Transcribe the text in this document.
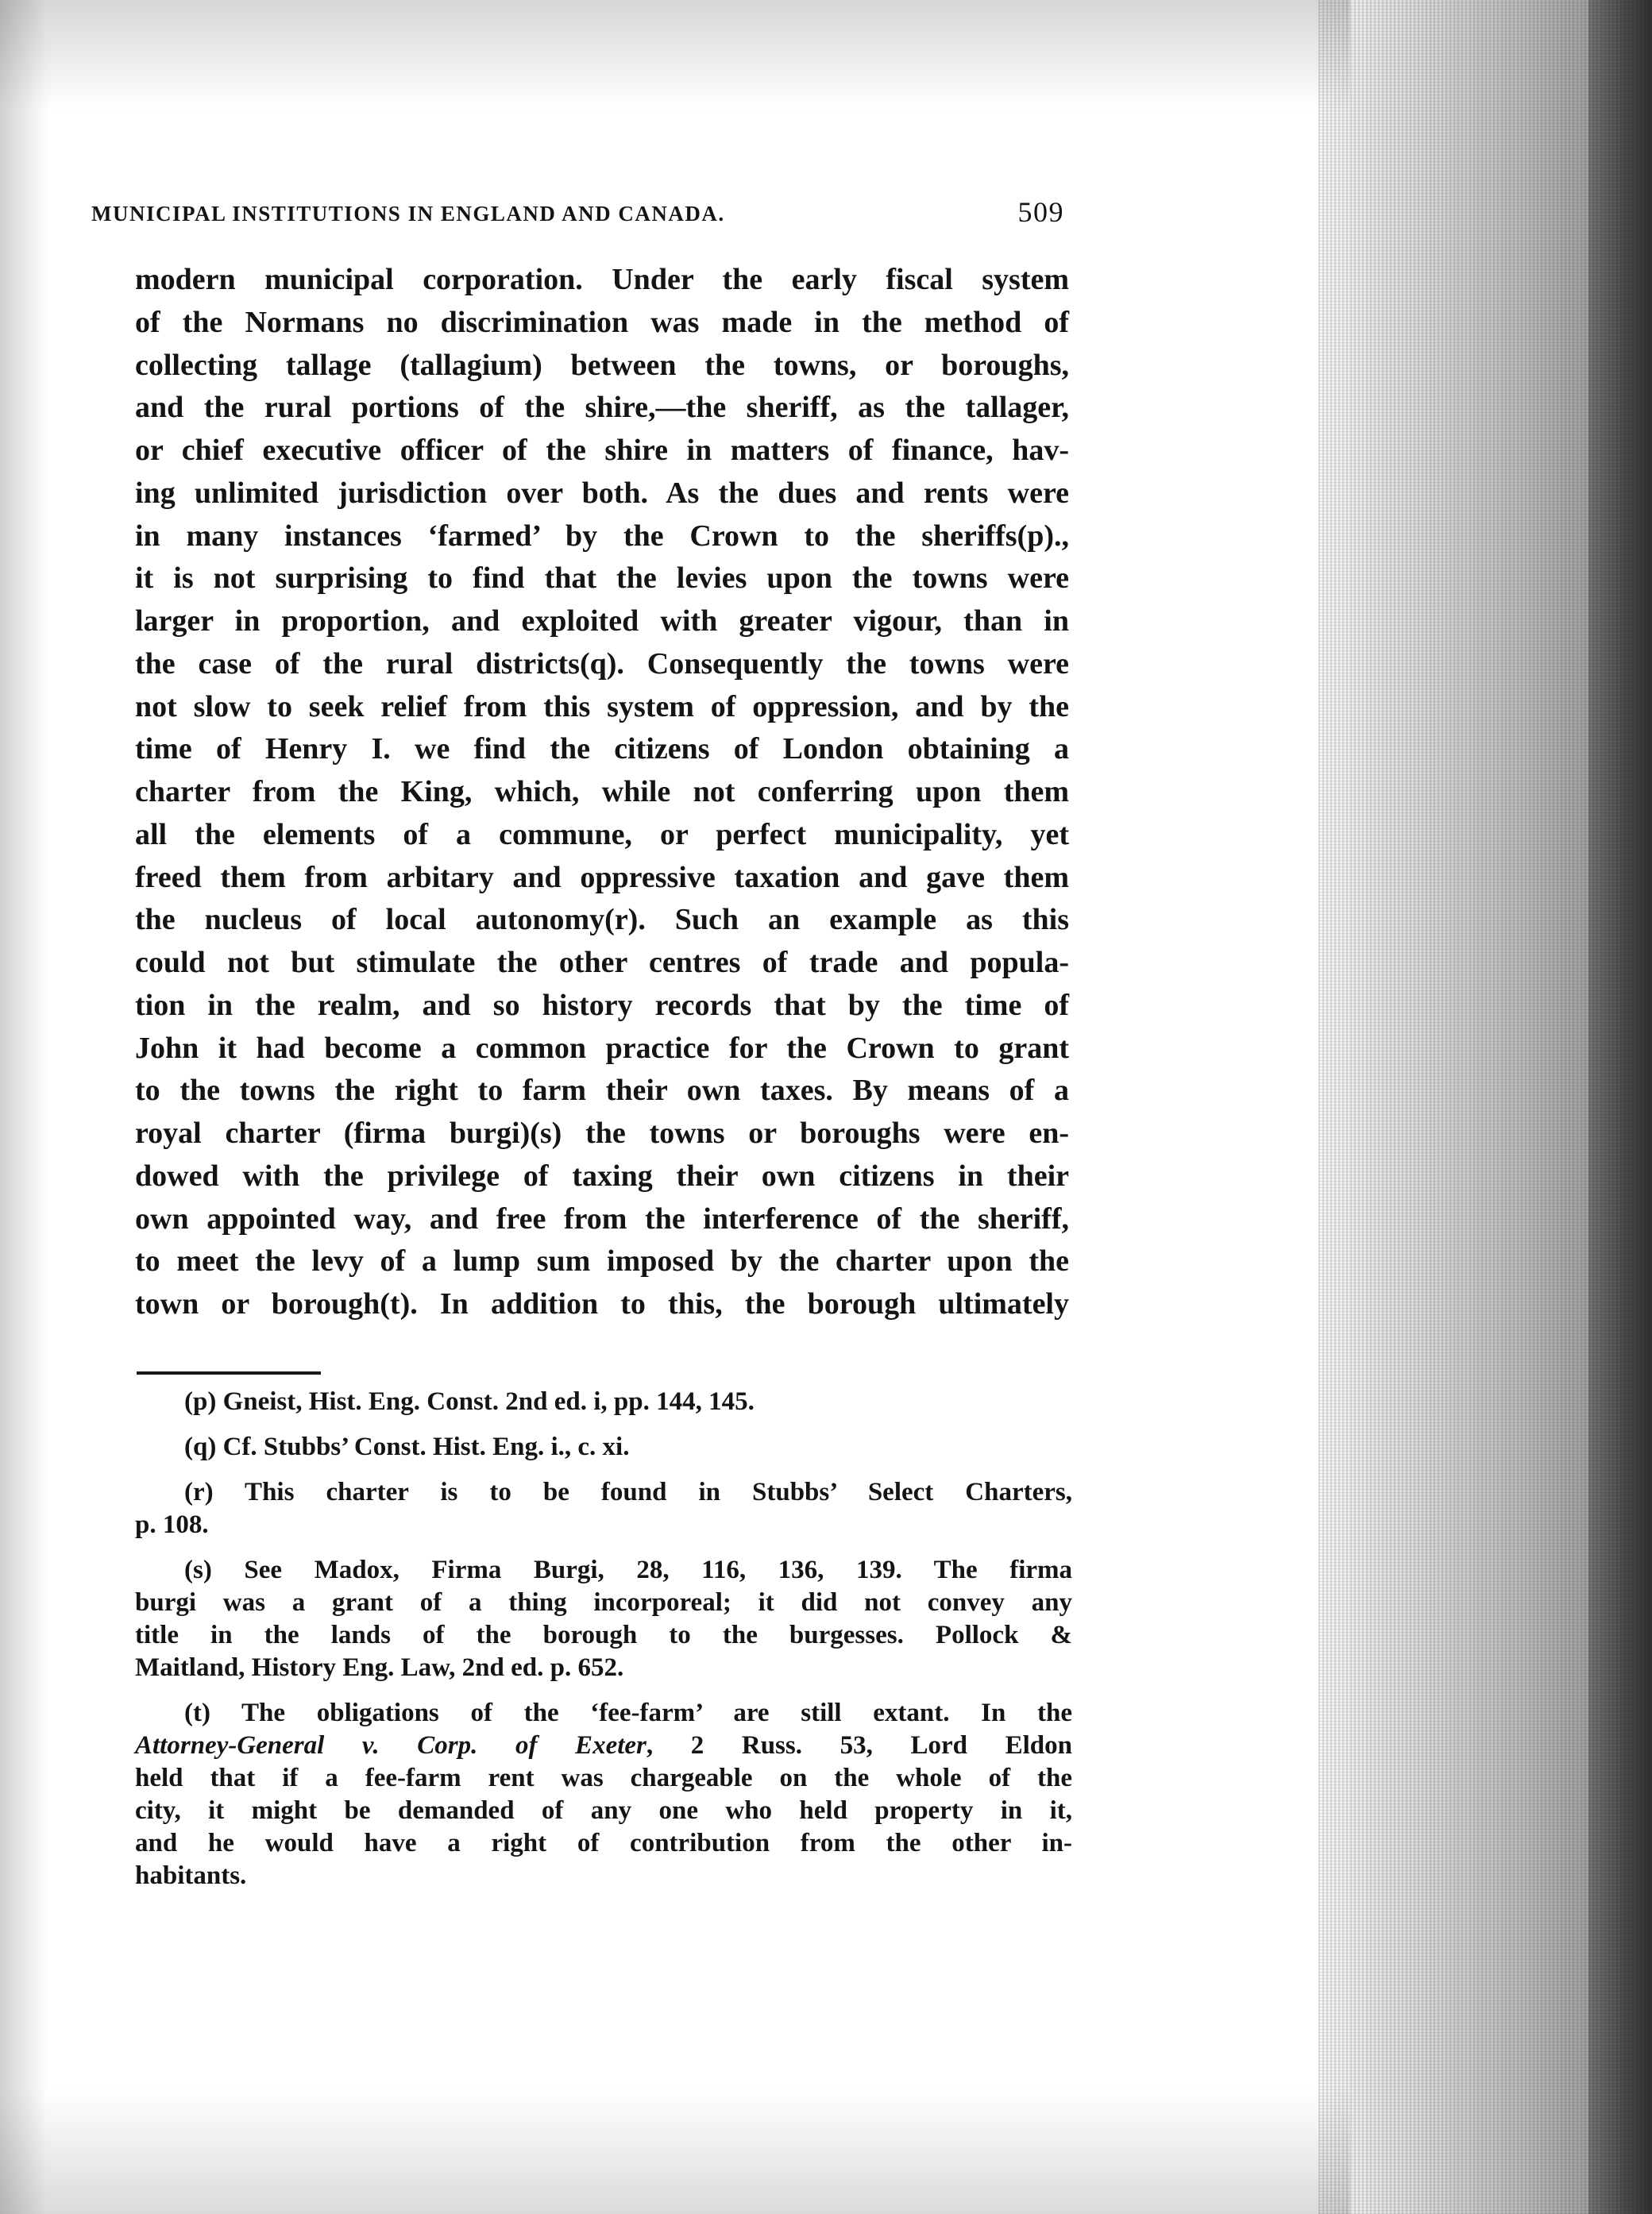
MUNICIPAL INSTITUTIONS IN ENGLAND AND CANADA.	509
modern municipal corporation. Under the early fiscal system
of the Normans no discrimination was made in the method of
collecting tallage (tallagium) between the towns, or boroughs,
and the rural portions of the shire,—the sheriff, as the tallager,
or chief executive officer of the shire in matters of finance, hav-
ing unlimited jurisdiction over both. As the dues and rents were
in many instances ‘farmed’ by the Crown to the sheriffs(p).,
it is not surprising to find that the levies upon the towns were
larger in proportion, and exploited with greater vigour, than in
the case of the rural districts(q). Consequently the towns were
not slow to seek relief from this system of oppression, and by the
time of Henry I. we find the citizens of London obtaining a
charter from the King, which, while not conferring upon them
all the elements of a commune, or perfect municipality, yet
freed them from arbitary and oppressive taxation and gave them
the nucleus of local autonomy(r). Such an example as this
could not but stimulate the other centres of trade and popula-
tion in the realm, and so history records that by the time of
John it had become a common practice for the Crown to grant
to the towns the right to farm their own taxes. By means of a
royal charter (firma burgi)(s) the towns or boroughs were en-
dowed with the privilege of taxing their own citizens in their
own appointed way, and free from the interference of the sheriff,
to meet the levy of a lump sum imposed by the charter upon the
town or borough(t). In addition to this, the borough ultimately
(p) Gneist, Hist. Eng. Const. 2nd ed. i, pp. 144, 145.
(q) Cf. Stubbs’ Const. Hist. Eng. i., c. xi.
(r) This charter is to be found in Stubbs’ Select Charters,
p. 108.
(s) See Madox, Firma Burgi, 28, 116, 136, 139. The firma
burgi was a grant of a thing incorporeal; it did not convey any
title in the lands of the borough to the burgesses. Pollock &
Maitland, History Eng. Law, 2nd ed. p. 652.
(t) The obligations of the ‘fee-farm’ are still extant. In the
Attorney-General v. Corp. of Exeter, 2 Russ. 53, Lord Eldon
held that if a fee-farm rent was chargeable on the whole of the
city, it might be demanded of any one who held property in it,
and he would have a right of contribution from the other in-
habitants.
